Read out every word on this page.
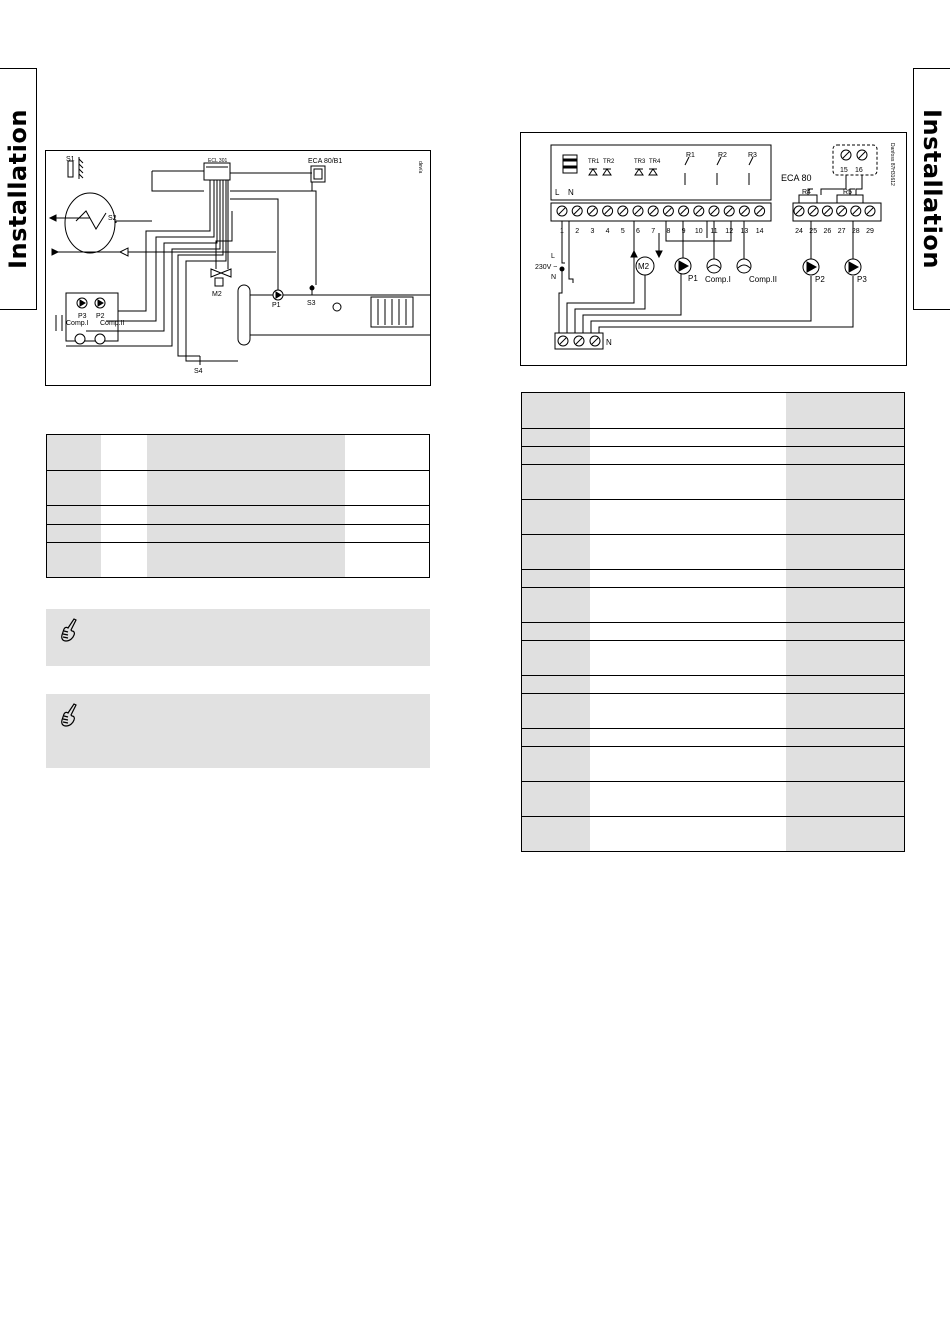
Installation	Installation
S1	ECL 301	ECA 80/B1
S2
M2
P1	S3
P3 P2
Comp.I Comp.II
S4
dev/a

1 2 3 4 5 6 7 8 9 10 11 12 13 14	24 25 26 27 28 29
L N
TR1 TR2	TR3 TR4
R1	R2	R3
ECA 80
R4	R5
15 16
L
230V ~
N
M2
P1 Comp.I Comp.II	P2	P3
N
Danfoss 87H31612
